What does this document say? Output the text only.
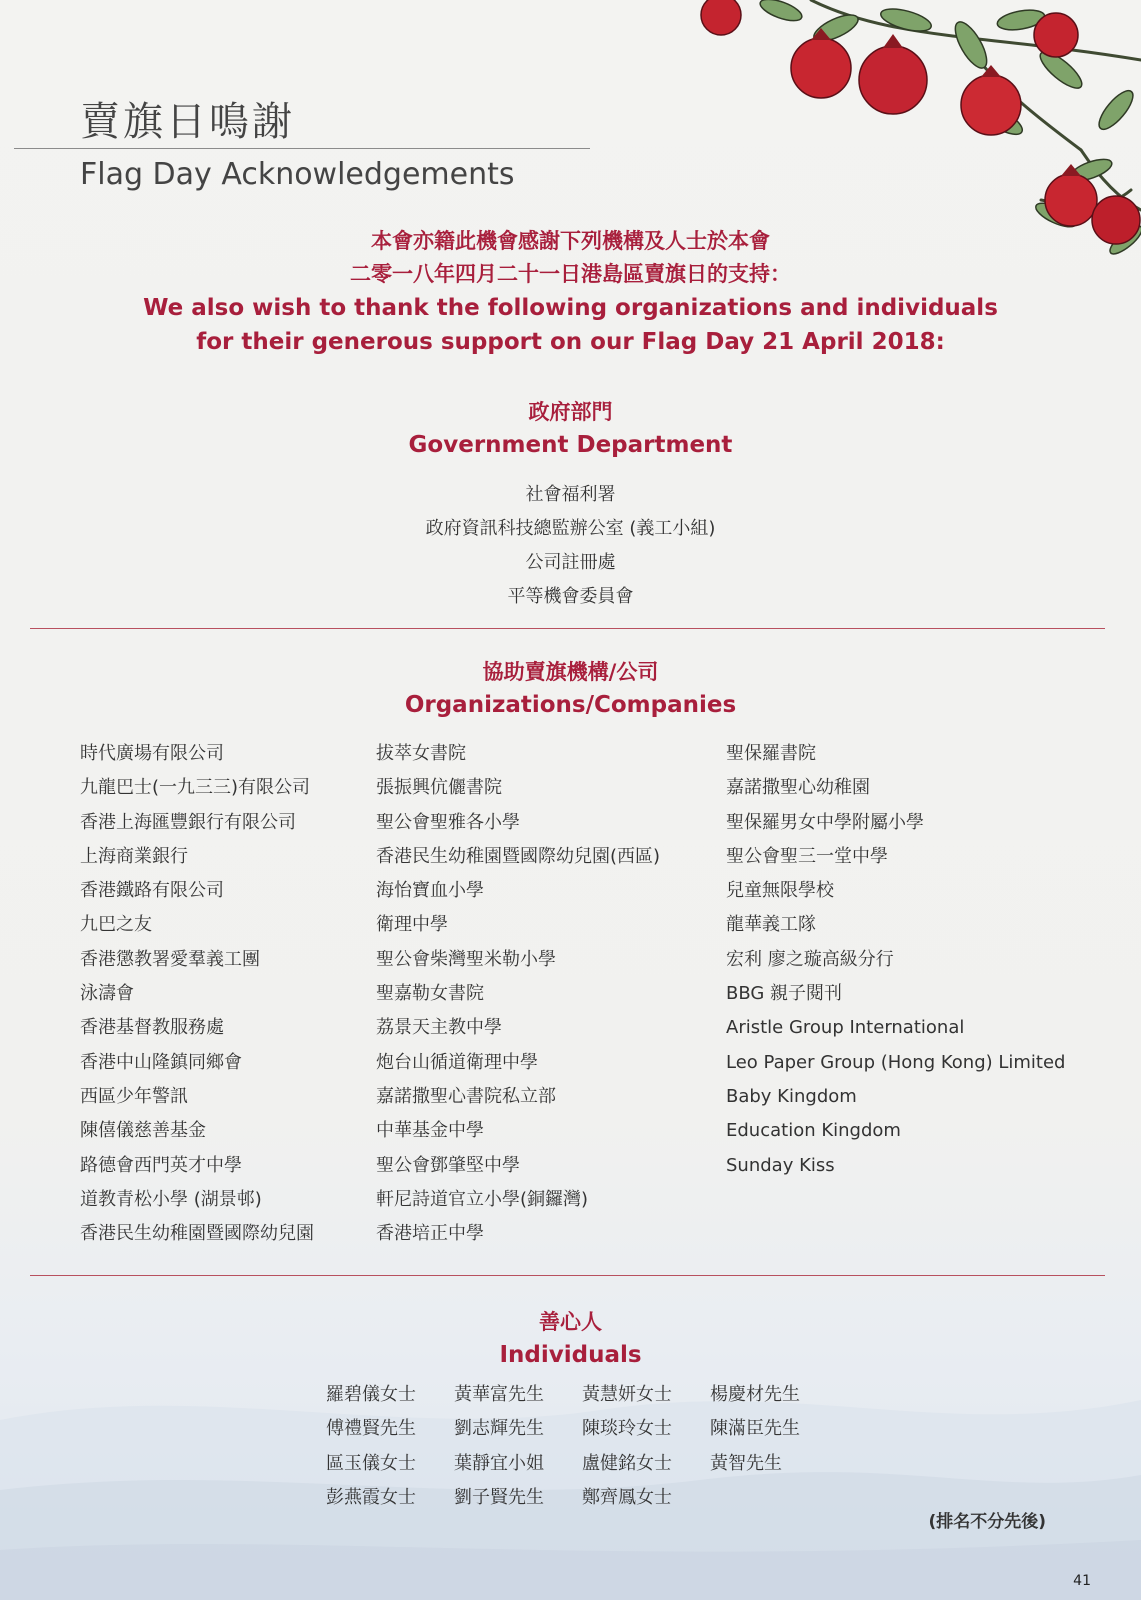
賣旗日鳴謝
Flag Day Acknowledgements
本會亦籍此機會感謝下列機構及人士於本會
二零一八年四月二十一日港島區賣旗日的支持：
We also wish to thank the following organizations and individuals
for their generous support on our Flag Day 21 April 2018:
政府部門
Government Department
社會福利署
政府資訊科技總監辦公室 (義工小組)
公司註冊處
平等機會委員會
協助賣旗機構/公司
Organizations/Companies
時代廣場有限公司
九龍巴士(一九三三)有限公司
香港上海匯豐銀行有限公司
上海商業銀行
香港鐵路有限公司
九巴之友
香港懲教署愛羣義工團
泳濤會
香港基督教服務處
香港中山隆鎮同鄉會
西區少年警訊
陳僖儀慈善基金
路德會西門英才中學
道教青松小學 (湖景邨)
香港民生幼稚園暨國際幼兒園
拔萃女書院
張振興伉儷書院
聖公會聖雅各小學
香港民生幼稚園暨國際幼兒園(西區)
海怡寶血小學
衛理中學
聖公會柴灣聖米勒小學
聖嘉勒女書院
荔景天主教中學
炮台山循道衛理中學
嘉諾撒聖心書院私立部
中華基金中學
聖公會鄧肇堅中學
軒尼詩道官立小學(銅鑼灣)
香港培正中學
聖保羅書院
嘉諾撒聖心幼稚園
聖保羅男女中學附屬小學
聖公會聖三一堂中學
兒童無限學校
龍華義工隊
宏利 廖之璇高級分行
BBG 親子閱刊
Aristle Group International
Leo Paper Group (Hong Kong) Limited
Baby Kingdom
Education Kingdom
Sunday Kiss
善心人
Individuals
羅碧儀女士	黃華富先生	黃慧妍女士	楊慶材先生
傅禮賢先生	劉志輝先生	陳琰玲女士	陳滿臣先生
區玉儀女士	葉靜宜小姐	盧健銘女士	黃智先生
彭燕霞女士	劉子賢先生	鄭齊鳳女士
(排名不分先後)
41
